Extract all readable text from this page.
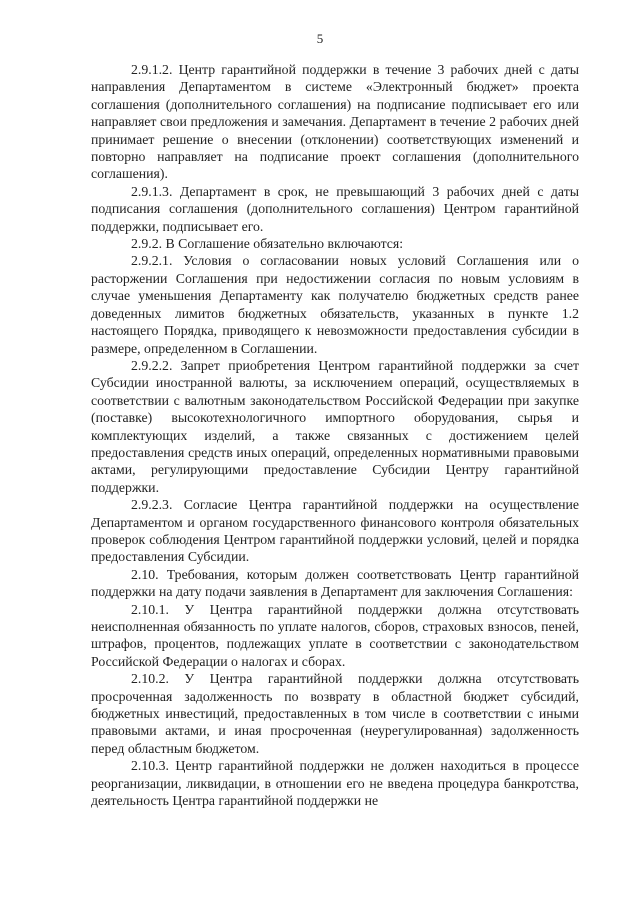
5

2.9.1.2. Центр гарантийной поддержки в течение 3 рабочих дней с даты направления Департаментом в системе «Электронный бюджет» проекта соглашения (дополнительного соглашения) на подписание подписывает его или направляет свои предложения и замечания. Департамент в течение 2 рабочих дней принимает решение о внесении (отклонении) соответствующих изменений и повторно направляет на подписание проект соглашения (дополнительного соглашения).

2.9.1.3. Департамент в срок, не превышающий 3 рабочих дней с даты подписания соглашения (дополнительного соглашения) Центром гарантийной поддержки, подписывает его.

2.9.2. В Соглашение обязательно включаются:

2.9.2.1. Условия о согласовании новых условий Соглашения или о расторжении Соглашения при недостижении согласия по новым условиям в случае уменьшения Департаменту как получателю бюджетных средств ранее доведенных лимитов бюджетных обязательств, указанных в пункте 1.2 настоящего Порядка, приводящего к невозможности предоставления субсидии в размере, определенном в Соглашении.

2.9.2.2. Запрет приобретения Центром гарантийной поддержки за счет Субсидии иностранной валюты, за исключением операций, осуществляемых в соответствии с валютным законодательством Российской Федерации при закупке (поставке) высокотехнологичного импортного оборудования, сырья и комплектующих изделий, а также связанных с достижением целей предоставления средств иных операций, определенных нормативными правовыми актами, регулирующими предоставление Субсидии Центру гарантийной поддержки.

2.9.2.3. Согласие Центра гарантийной поддержки на осуществление Департаментом и органом государственного финансового контроля обязательных проверок соблюдения Центром гарантийной поддержки условий, целей и порядка предоставления Субсидии.

2.10. Требования, которым должен соответствовать Центр гарантийной поддержки на дату подачи заявления в Департамент для заключения Соглашения:

2.10.1. У Центра гарантийной поддержки должна отсутствовать неисполненная обязанность по уплате налогов, сборов, страховых взносов, пеней, штрафов, процентов, подлежащих уплате в соответствии с законодательством Российской Федерации о налогах и сборах.

2.10.2. У Центра гарантийной поддержки должна отсутствовать просроченная задолженность по возврату в областной бюджет субсидий, бюджетных инвестиций, предоставленных в том числе в соответствии с иными правовыми актами, и иная просроченная (неурегулированная) задолженность перед областным бюджетом.

2.10.3. Центр гарантийной поддержки не должен находиться в процессе реорганизации, ликвидации, в отношении его не введена процедура банкротства, деятельность Центра гарантийной поддержки не
